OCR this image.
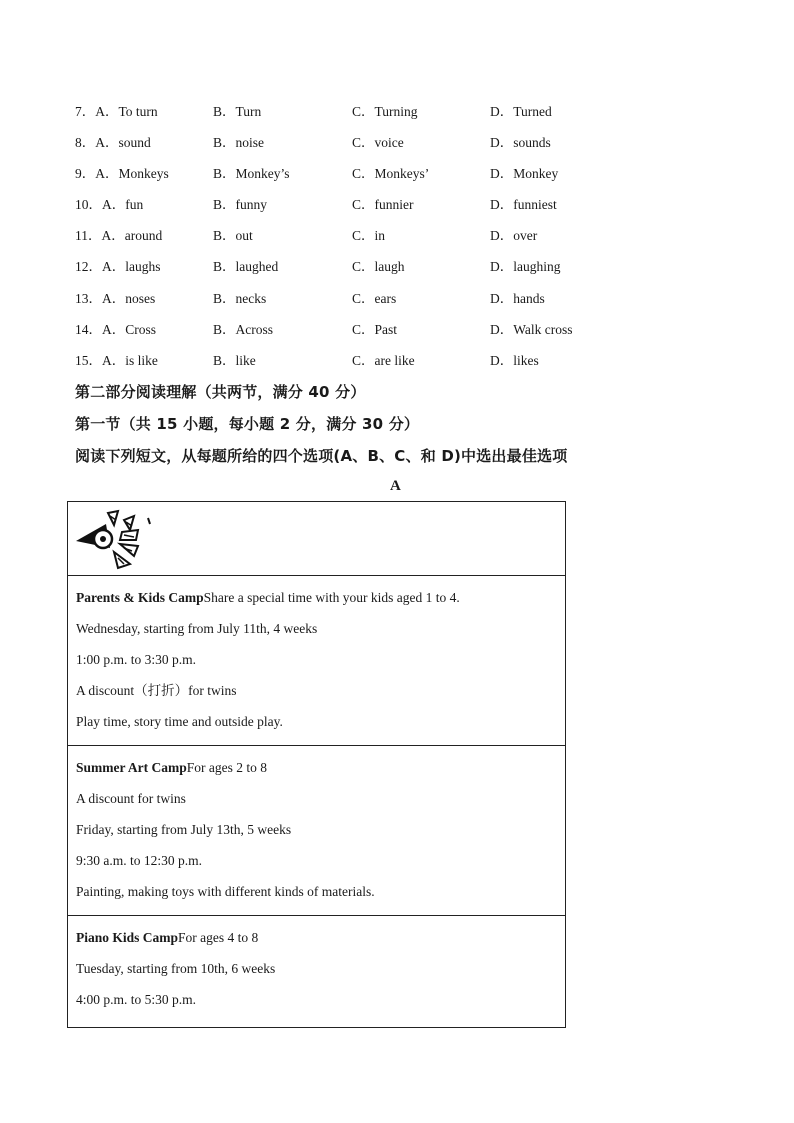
7．A．To turn	B．Turn	C．Turning	D．Turned
8．A．sound	B．noise	C．voice	D．sounds
9．A．Monkeys	B．Monkey’s	C．Monkeys’	D．Monkey
10．A．fun	B．funny	C．funnier	D．funniest
11．A．around	B．out	C．in	D．over
12．A．laughs	B．laughed	C．laugh	D．laughing
13．A．noses	B．necks	C．ears	D．hands
14．A．Cross	B．Across	C．Past	D．Walk cross
15．A．is like	B．like	C．are like	D．likes
第二部分阅读理解（共两节，满分 40 分）
第一节（共 15 小题，每小题 2 分，满分 30 分）
阅读下列短文，从每题所给的四个选项(A、B、C、和 D)中选出最佳选项
A

Parents & Kids CampShare a special time with your kids aged 1 to 4.

Wednesday, starting from July 11th, 4 weeks

1:00 p.m. to 3:30 p.m.

A discount（打折）for twins

Play time, story time and outside play.

Summer Art CampFor ages 2 to 8

A discount for twins

Friday, starting from July 13th, 5 weeks

9:30 a.m. to 12:30 p.m.

Painting, making toys with different kinds of materials.

Piano Kids CampFor ages 4 to 8

Tuesday, starting from 10th, 6 weeks

4:00 p.m. to 5:30 p.m.
